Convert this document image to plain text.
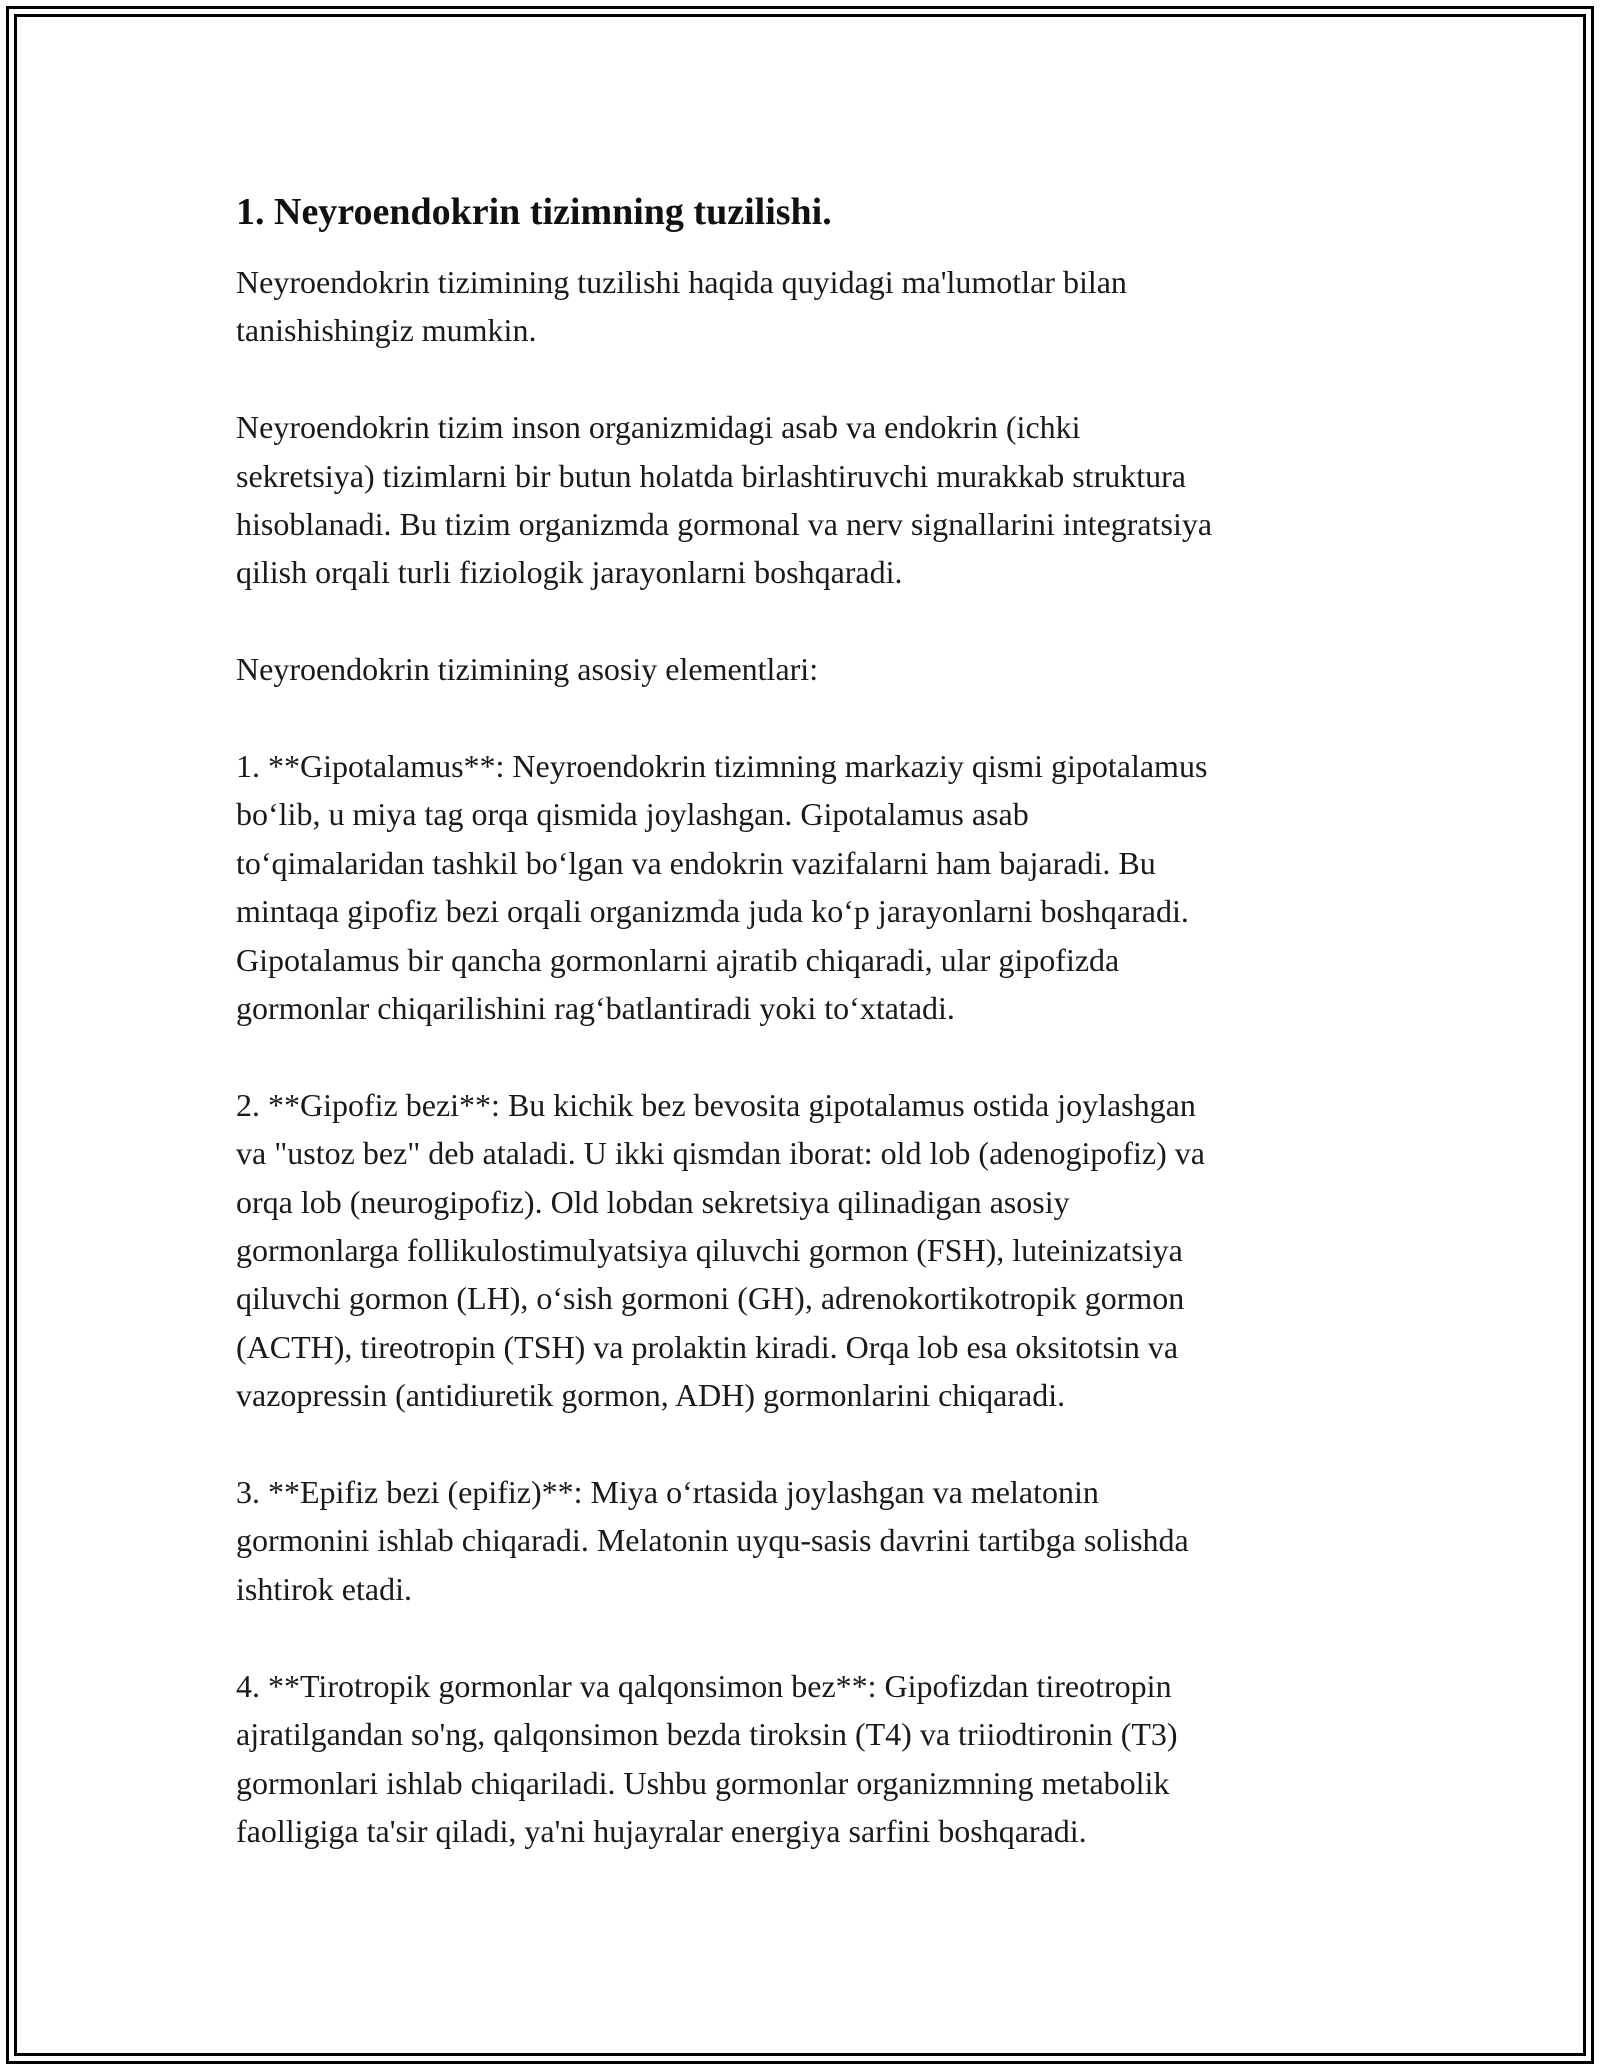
1. Neyroendokrin tizimning tuzilishi.

Neyroendokrin tizimining tuzilishi haqida quyidagi ma'lumotlar bilan
tanishishingiz mumkin.

Neyroendokrin tizim inson organizmidagi asab va endokrin (ichki
sekretsiya) tizimlarni bir butun holatda birlashtiruvchi murakkab struktura
hisoblanadi. Bu tizim organizmda gormonal va nerv signallarini integratsiya
qilish orqali turli fiziologik jarayonlarni boshqaradi.

Neyroendokrin tizimining asosiy elementlari:

1. **Gipotalamus**: Neyroendokrin tizimning markaziy qismi gipotalamus
bo‘lib, u miya tag orqa qismida joylashgan. Gipotalamus asab
to‘qimalaridan tashkil bo‘lgan va endokrin vazifalarni ham bajaradi. Bu
mintaqa gipofiz bezi orqali organizmda juda ko‘p jarayonlarni boshqaradi.
Gipotalamus bir qancha gormonlarni ajratib chiqaradi, ular gipofizda
gormonlar chiqarilishini rag‘batlantiradi yoki to‘xtatadi.

2. **Gipofiz bezi**: Bu kichik bez bevosita gipotalamus ostida joylashgan
va "ustoz bez" deb ataladi. U ikki qismdan iborat: old lob (adenogipofiz) va
orqa lob (neurogipofiz). Old lobdan sekretsiya qilinadigan asosiy
gormonlarga follikulostimulyatsiya qiluvchi gormon (FSH), luteinizatsiya
qiluvchi gormon (LH), o‘sish gormoni (GH), adrenokortikotropik gormon
(ACTH), tireotropin (TSH) va prolaktin kiradi. Orqa lob esa oksitotsin va
vazopressin (antidiuretik gormon, ADH) gormonlarini chiqaradi.

3. **Epifiz bezi (epifiz)**: Miya o‘rtasida joylashgan va melatonin
gormonini ishlab chiqaradi. Melatonin uyqu-sasis davrini tartibga solishda
ishtirok etadi.

4. **Tirotropik gormonlar va qalqonsimon bez**: Gipofizdan tireotropin
ajratilgandan so'ng, qalqonsimon bezda tiroksin (T4) va triiodtironin (T3)
gormonlari ishlab chiqariladi. Ushbu gormonlar organizmning metabolik
faolligiga ta'sir qiladi, ya'ni hujayralar energiya sarfini boshqaradi.
